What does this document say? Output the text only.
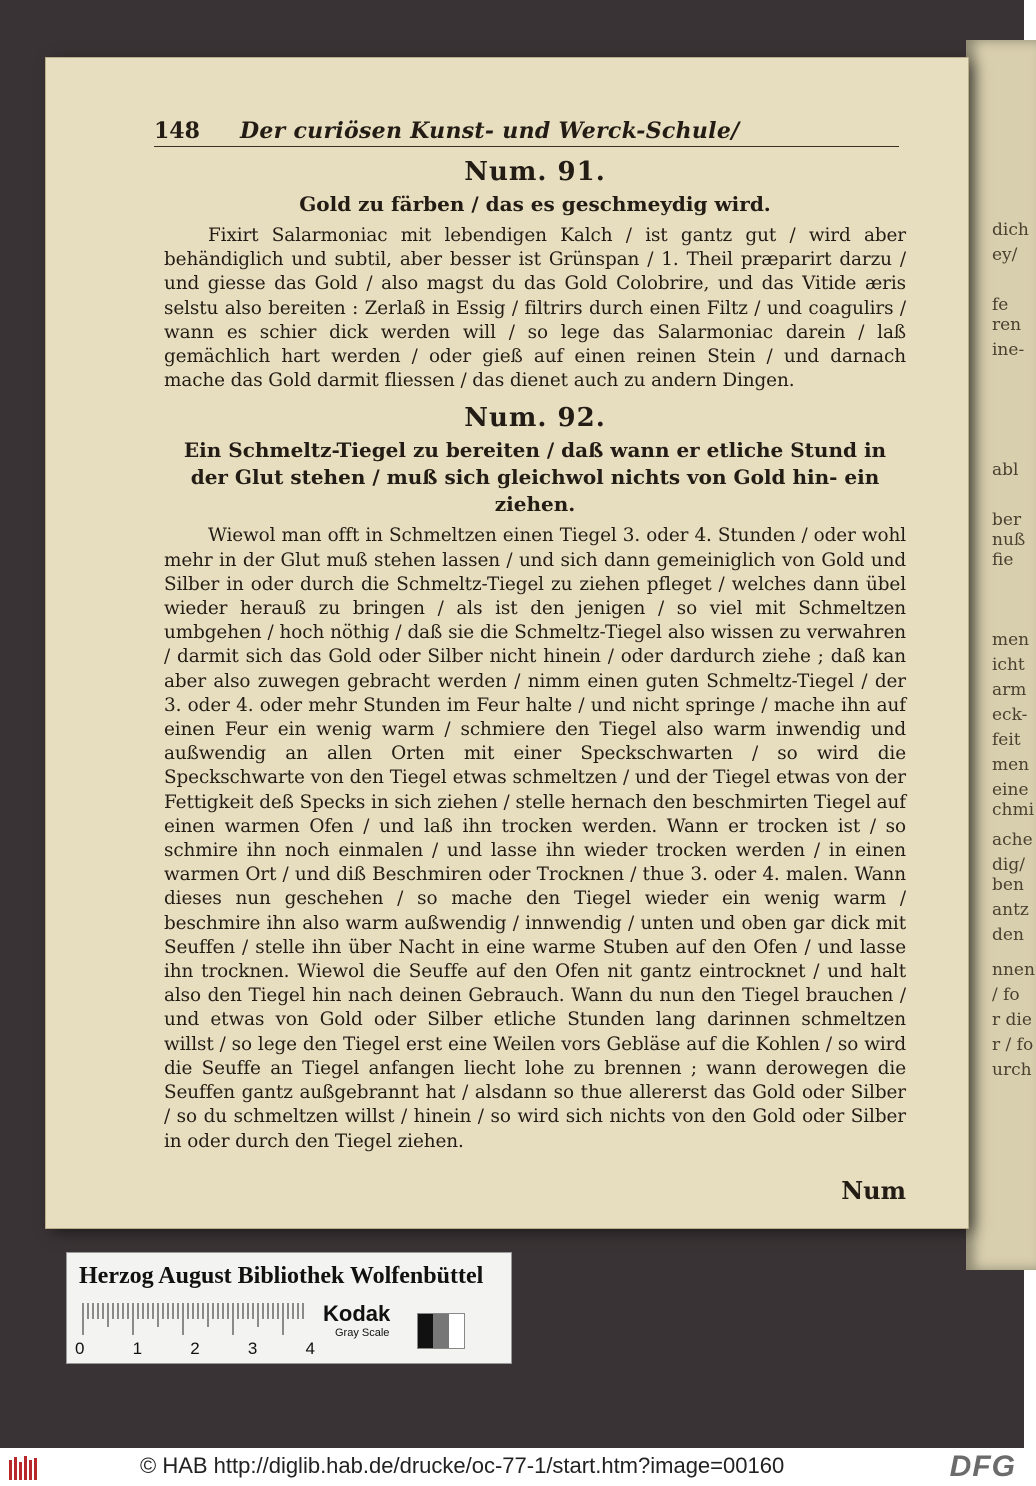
dich
ey/
fe
ren
ine-
abl
ber
nuß
fie
men
icht
arm
eck-
feit
men
eine
chmi
ache
dig/
ben
antz
den
nnen
/ fo
r die
r / fo
urch
148 Der curiösen Kunst- und Werck-Schule/
Num. 91.
Gold zu färben / das es geschmeydig wird.

Fixirt Salarmoniac mit lebendigen Kalch / ist gantz gut / wird aber behändiglich und subtil, aber besser ist Grünspan / 1. Theil præparirt darzu / und giesse das Gold / also magst du das Gold Colobrire, und das Vitide æris selstu also bereiten : Zerlaß in Essig / filtrirs durch einen Filtz / und coagulirs / wann es schier dick werden will / so lege das Salarmoniac darein / laß gemächlich hart werden / oder gieß auf einen reinen Stein / und darnach mache das Gold darmit fliessen / das dienet auch zu andern Dingen.

Num. 92.
Ein Schmeltz-Tiegel zu bereiten / daß wann er etliche Stund in der Glut stehen / muß sich gleichwol nichts von Gold hin- ein ziehen.

Wiewol man offt in Schmeltzen einen Tiegel 3. oder 4. Stunden / oder wohl mehr in der Glut muß stehen lassen / und sich dann gemeiniglich von Gold und Silber in oder durch die Schmeltz-Tiegel zu ziehen pfleget / welches dann übel wieder herauß zu bringen / als ist den jenigen / so viel mit Schmeltzen umbgehen / hoch nöthig / daß sie die Schmeltz-Tiegel also wissen zu verwahren / darmit sich das Gold oder Silber nicht hinein / oder dardurch ziehe ; daß kan aber also zuwegen gebracht werden / nimm einen guten Schmeltz-Tiegel / der 3. oder 4. oder mehr Stunden im Feur halte / und nicht springe / mache ihn auf einen Feur ein wenig warm / schmiere den Tiegel also warm inwendig und außwendig an allen Orten mit einer Speckschwarten / so wird die Speckschwarte von den Tiegel etwas schmeltzen / und der Tiegel etwas von der Fettigkeit deß Specks in sich ziehen / stelle hernach den beschmirten Tiegel auf einen warmen Ofen / und laß ihn trocken werden. Wann er trocken ist / so schmire ihn noch einmalen / und lasse ihn wieder trocken werden / in einen warmen Ort / und diß Beschmiren oder Trocknen / thue 3. oder 4. malen. Wann dieses nun geschehen / so mache den Tiegel wieder ein wenig warm / beschmire ihn also warm außwendig / innwendig / unten und oben gar dick mit Seuffen / stelle ihn über Nacht in eine warme Stuben auf den Ofen / und lasse ihn trocknen. Wiewol die Seuffe auf den Ofen nit gantz eintrocknet / und halt also den Tiegel hin nach deinen Gebrauch. Wann du nun den Tiegel brauchen / und etwas von Gold oder Silber etliche Stunden lang darinnen schmeltzen willst / so lege den Tiegel erst eine Weilen vors Gebläse auf die Kohlen / so wird die Seuffe an Tiegel anfangen liecht lohe zu brennen ; wann derowegen die Seuffen gantz außgebrannt hat / alsdann so thue allererst das Gold oder Silber / so du schmeltzen willst / hinein / so wird sich nichts von den Gold oder Silber in oder durch den Tiegel ziehen.

Num
Herzog August Bibliothek Wolfenbüttel
0	1	2	3	4
Kodak
Gray Scale
© HAB http://diglib.hab.de/drucke/oc-77-1/start.htm?image=00160	DFG
